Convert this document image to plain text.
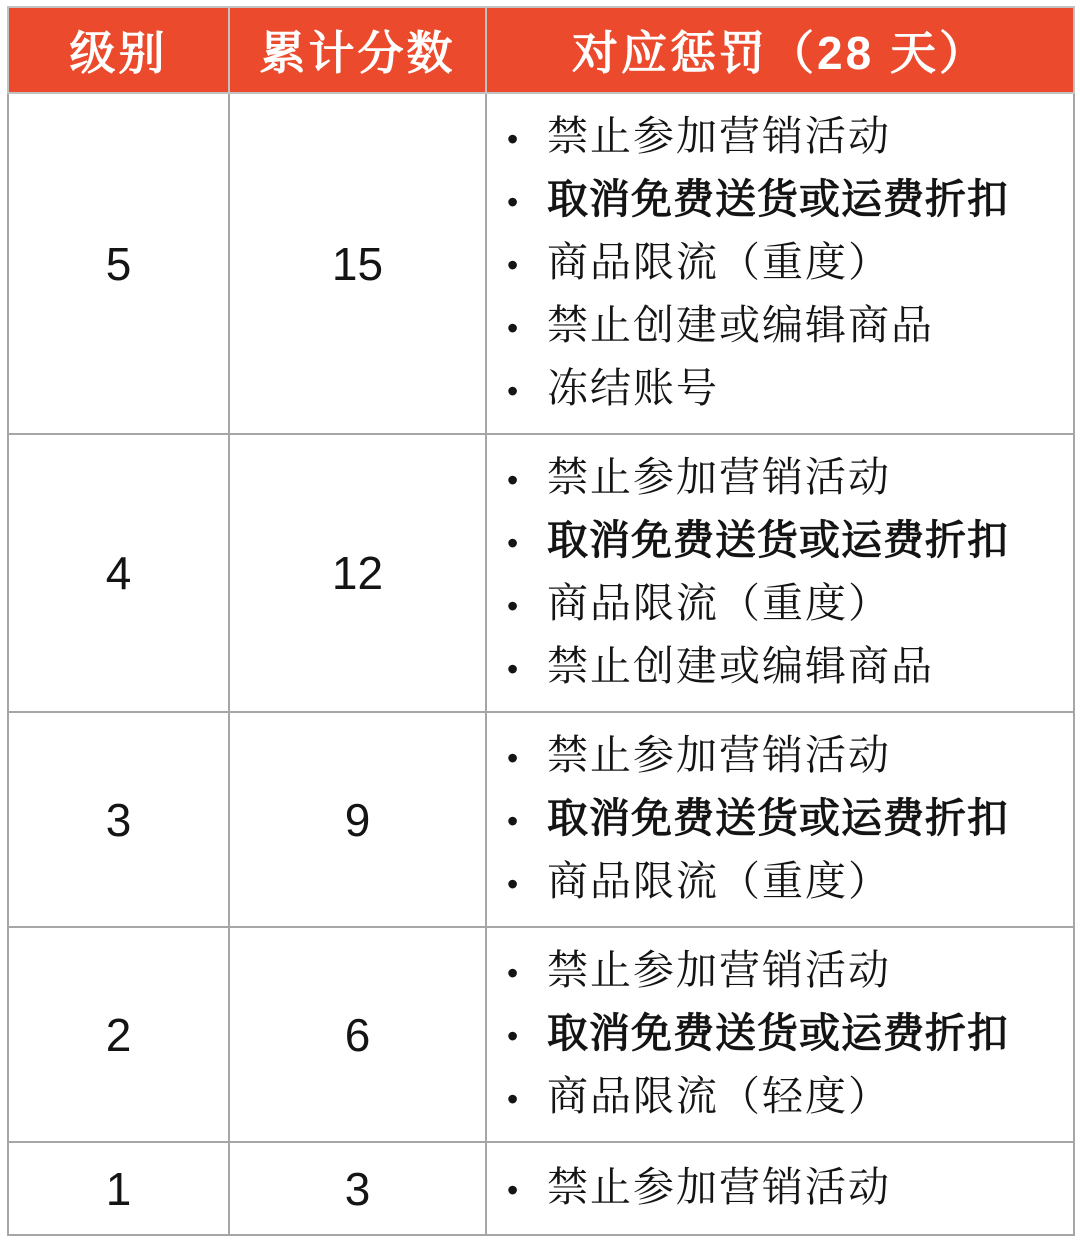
级别	累计分数	对应惩罚（28 天）
5	15	
• 禁止参加营销活动
• 取消免费送货或运费折扣
• 商品限流（重度）
• 禁止创建或编辑商品
• 冻结账号

4	12	
• 禁止参加营销活动
• 取消免费送货或运费折扣
• 商品限流（重度）
• 禁止创建或编辑商品

3	9	
• 禁止参加营销活动
• 取消免费送货或运费折扣
• 商品限流（重度）

2	6	
• 禁止参加营销活动
• 取消免费送货或运费折扣
• 商品限流（轻度）

1	3	• 禁止参加营销活动
